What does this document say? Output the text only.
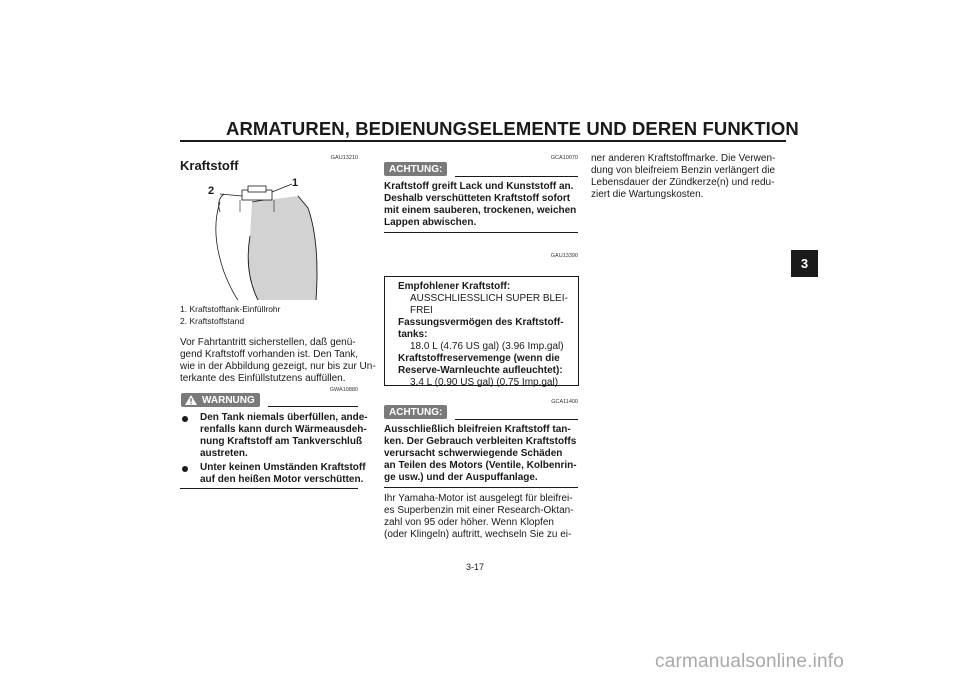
ARMATUREN, BEDIENUNGSELEMENTE UND DEREN FUNKTION
3
GAU13210
Kraftstoff
1
2
1. Kraftstofftank-Einfüllrohr
2. Kraftstoffstand
Vor Fahrtantritt sicherstellen, daß genü-
gend Kraftstoff vorhanden ist. Den Tank,
wie in der Abbildung gezeigt, nur bis zur Un-
terkante des Einfüllstutzens auffüllen.
GWA10880
WARNUNG
Den Tank niemals überfüllen, ande-
renfalls kann durch Wärmeausdeh-
nung Kraftstoff am Tankverschluß
austreten.
Unter keinen Umständen Kraftstoff
auf den heißen Motor verschütten.
GCA10070
ACHTUNG:
Kraftstoff greift Lack und Kunststoff an.
Deshalb verschütteten Kraftstoff sofort
mit einem sauberen, trockenen, weichen
Lappen abwischen.
GAU13390
Empfohlener Kraftstoff:
AUSSCHLIESSLICH SUPER BLEI-
FREI
Fassungsvermögen des Kraftstoff-
tanks:
18.0 L (4.76 US gal) (3.96 Imp.gal)
Kraftstoffreservemenge (wenn die
Reserve-Warnleuchte aufleuchtet):
3.4 L (0.90 US gal) (0.75 Imp.gal)
GCA11400
ACHTUNG:
Ausschließlich bleifreien Kraftstoff tan-
ken. Der Gebrauch verbleiten Kraftstoffs
verursacht schwerwiegende Schäden
an Teilen des Motors (Ventile, Kolbenrin-
ge usw.) und der Auspuffanlage.
Ihr Yamaha-Motor ist ausgelegt für bleifrei-
es Superbenzin mit einer Research-Oktan-
zahl von 95 oder höher. Wenn Klopfen
(oder Klingeln) auftritt, wechseln Sie zu ei-
ner anderen Kraftstoffmarke. Die Verwen-
dung von bleifreiem Benzin verlängert die
Lebensdauer der Zündkerze(n) und redu-
ziert die Wartungskosten.
3-17
carmanualsonline.info
